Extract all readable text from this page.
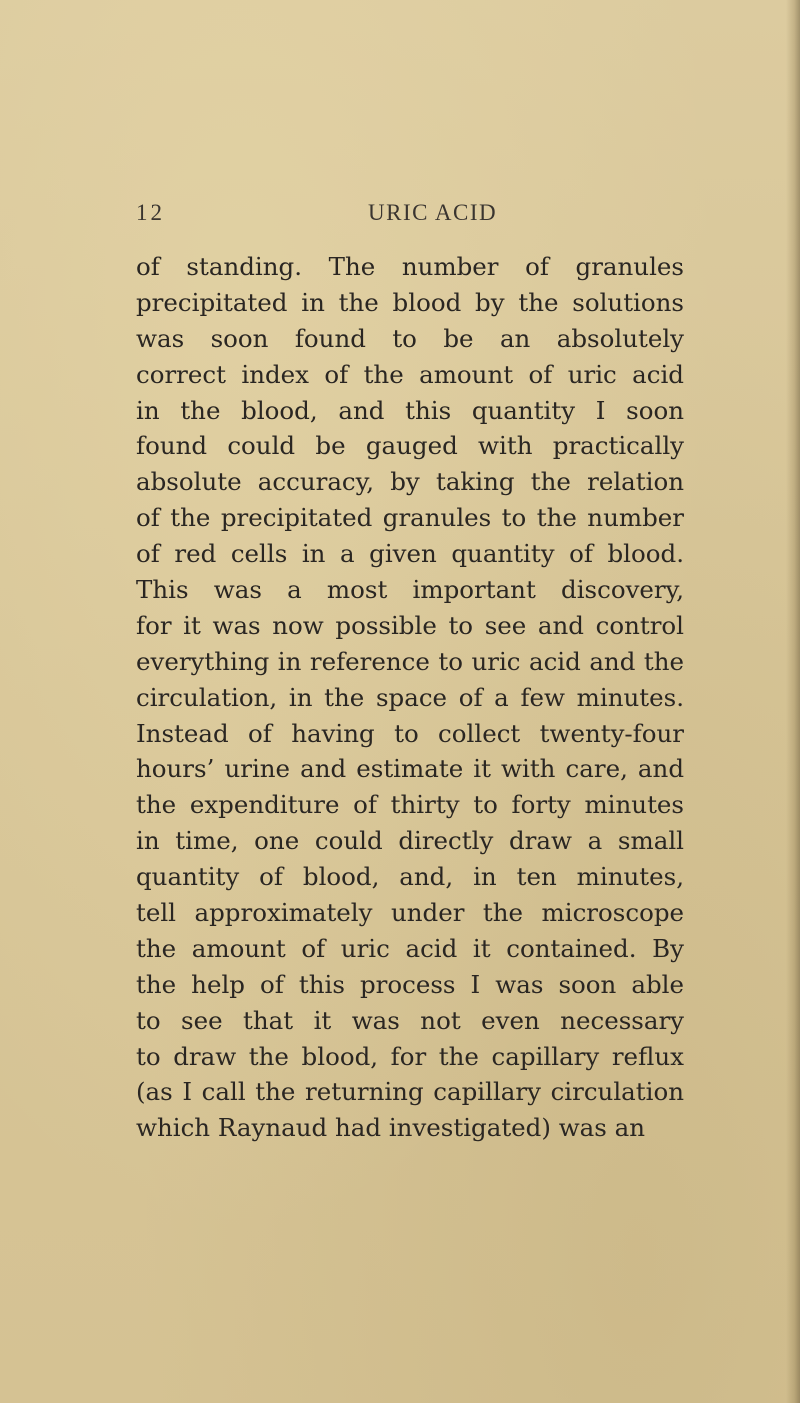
12	URIC ACID
of standing. The number of granules
precipitated in the blood by the solutions
was soon found to be an absolutely
correct index of the amount of uric acid
in the blood, and this quantity I soon
found could be gauged with practically
absolute accuracy, by taking the relation
of the precipitated granules to the number
of red cells in a given quantity of blood.
This was a most important discovery,
for it was now possible to see and control
everything in reference to uric acid and the
circulation, in the space of a few minutes.
Instead of having to collect twenty-four
hours’ urine and estimate it with care, and
the expenditure of thirty to forty minutes
in time, one could directly draw a small
quantity of blood, and, in ten minutes,
tell approximately under the microscope
the amount of uric acid it contained. By
the help of this process I was soon able
to see that it was not even necessary
to draw the blood, for the capillary reflux
(as I call the returning capillary circulation
which Raynaud had investigated) was an
